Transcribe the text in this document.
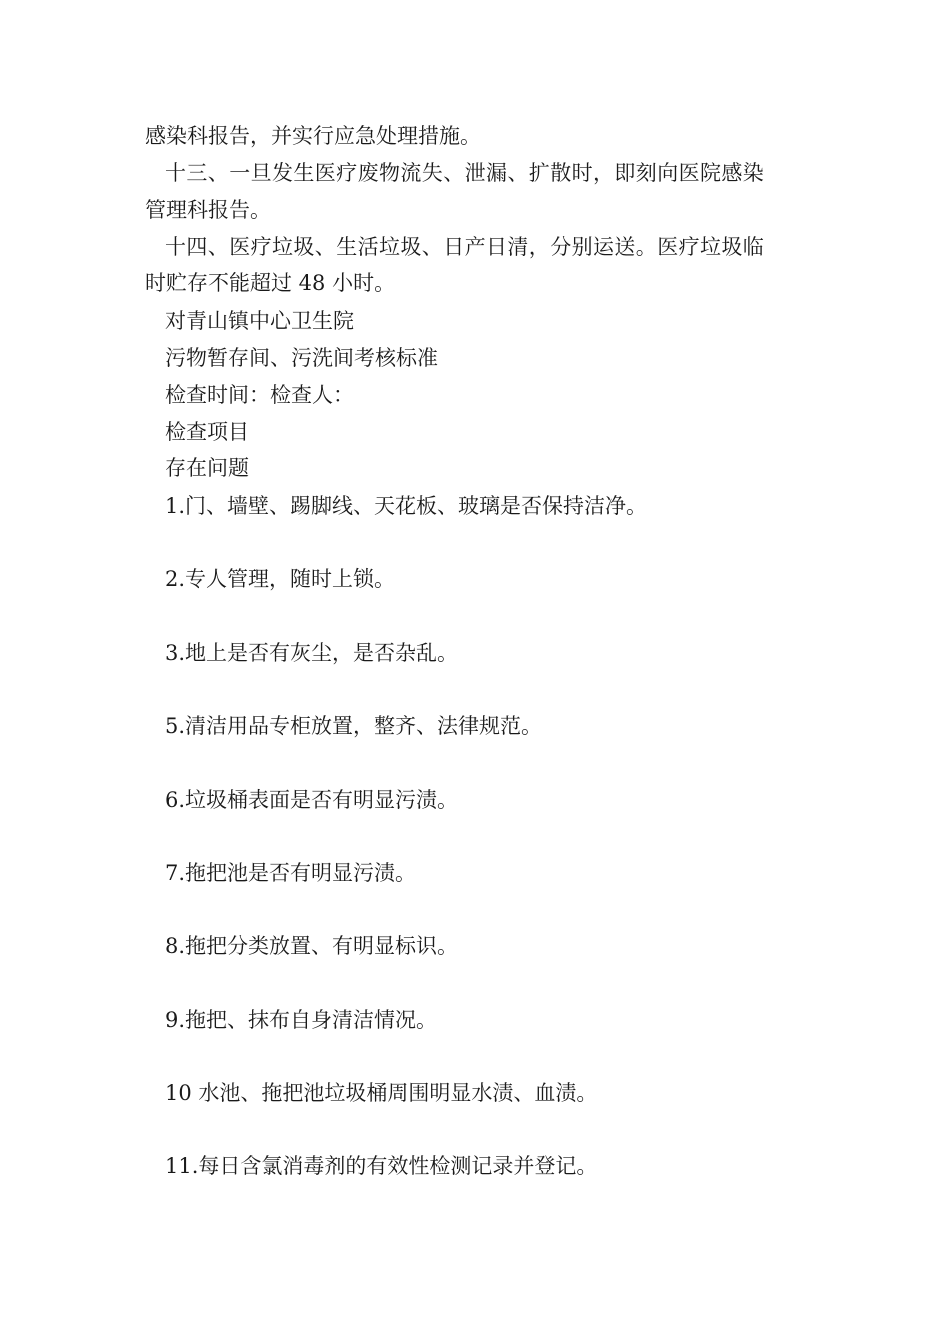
感染科报告，并实行应急处理措施。
十三、一旦发生医疗废物流失、泄漏、扩散时，即刻向医院感染
管理科报告。
十四、医疗垃圾、生活垃圾、日产日清，分别运送。医疗垃圾临
时贮存不能超过 48 小时。
对青山镇中心卫生院
污物暂存间、污洗间考核标准
检查时间：检查人：
检查项目
存在问题
1.门、墙壁、踢脚线、天花板、玻璃是否保持洁净。
2.专人管理，随时上锁。
3.地上是否有灰尘，是否杂乱。
5.清洁用品专柜放置，整齐、法律规范。
6.垃圾桶表面是否有明显污渍。
7.拖把池是否有明显污渍。
8.拖把分类放置、有明显标识。
9.拖把、抹布自身清洁情况。
10 水池、拖把池垃圾桶周围明显水渍、血渍。
11.每日含氯消毒剂的有效性检测记录并登记。
